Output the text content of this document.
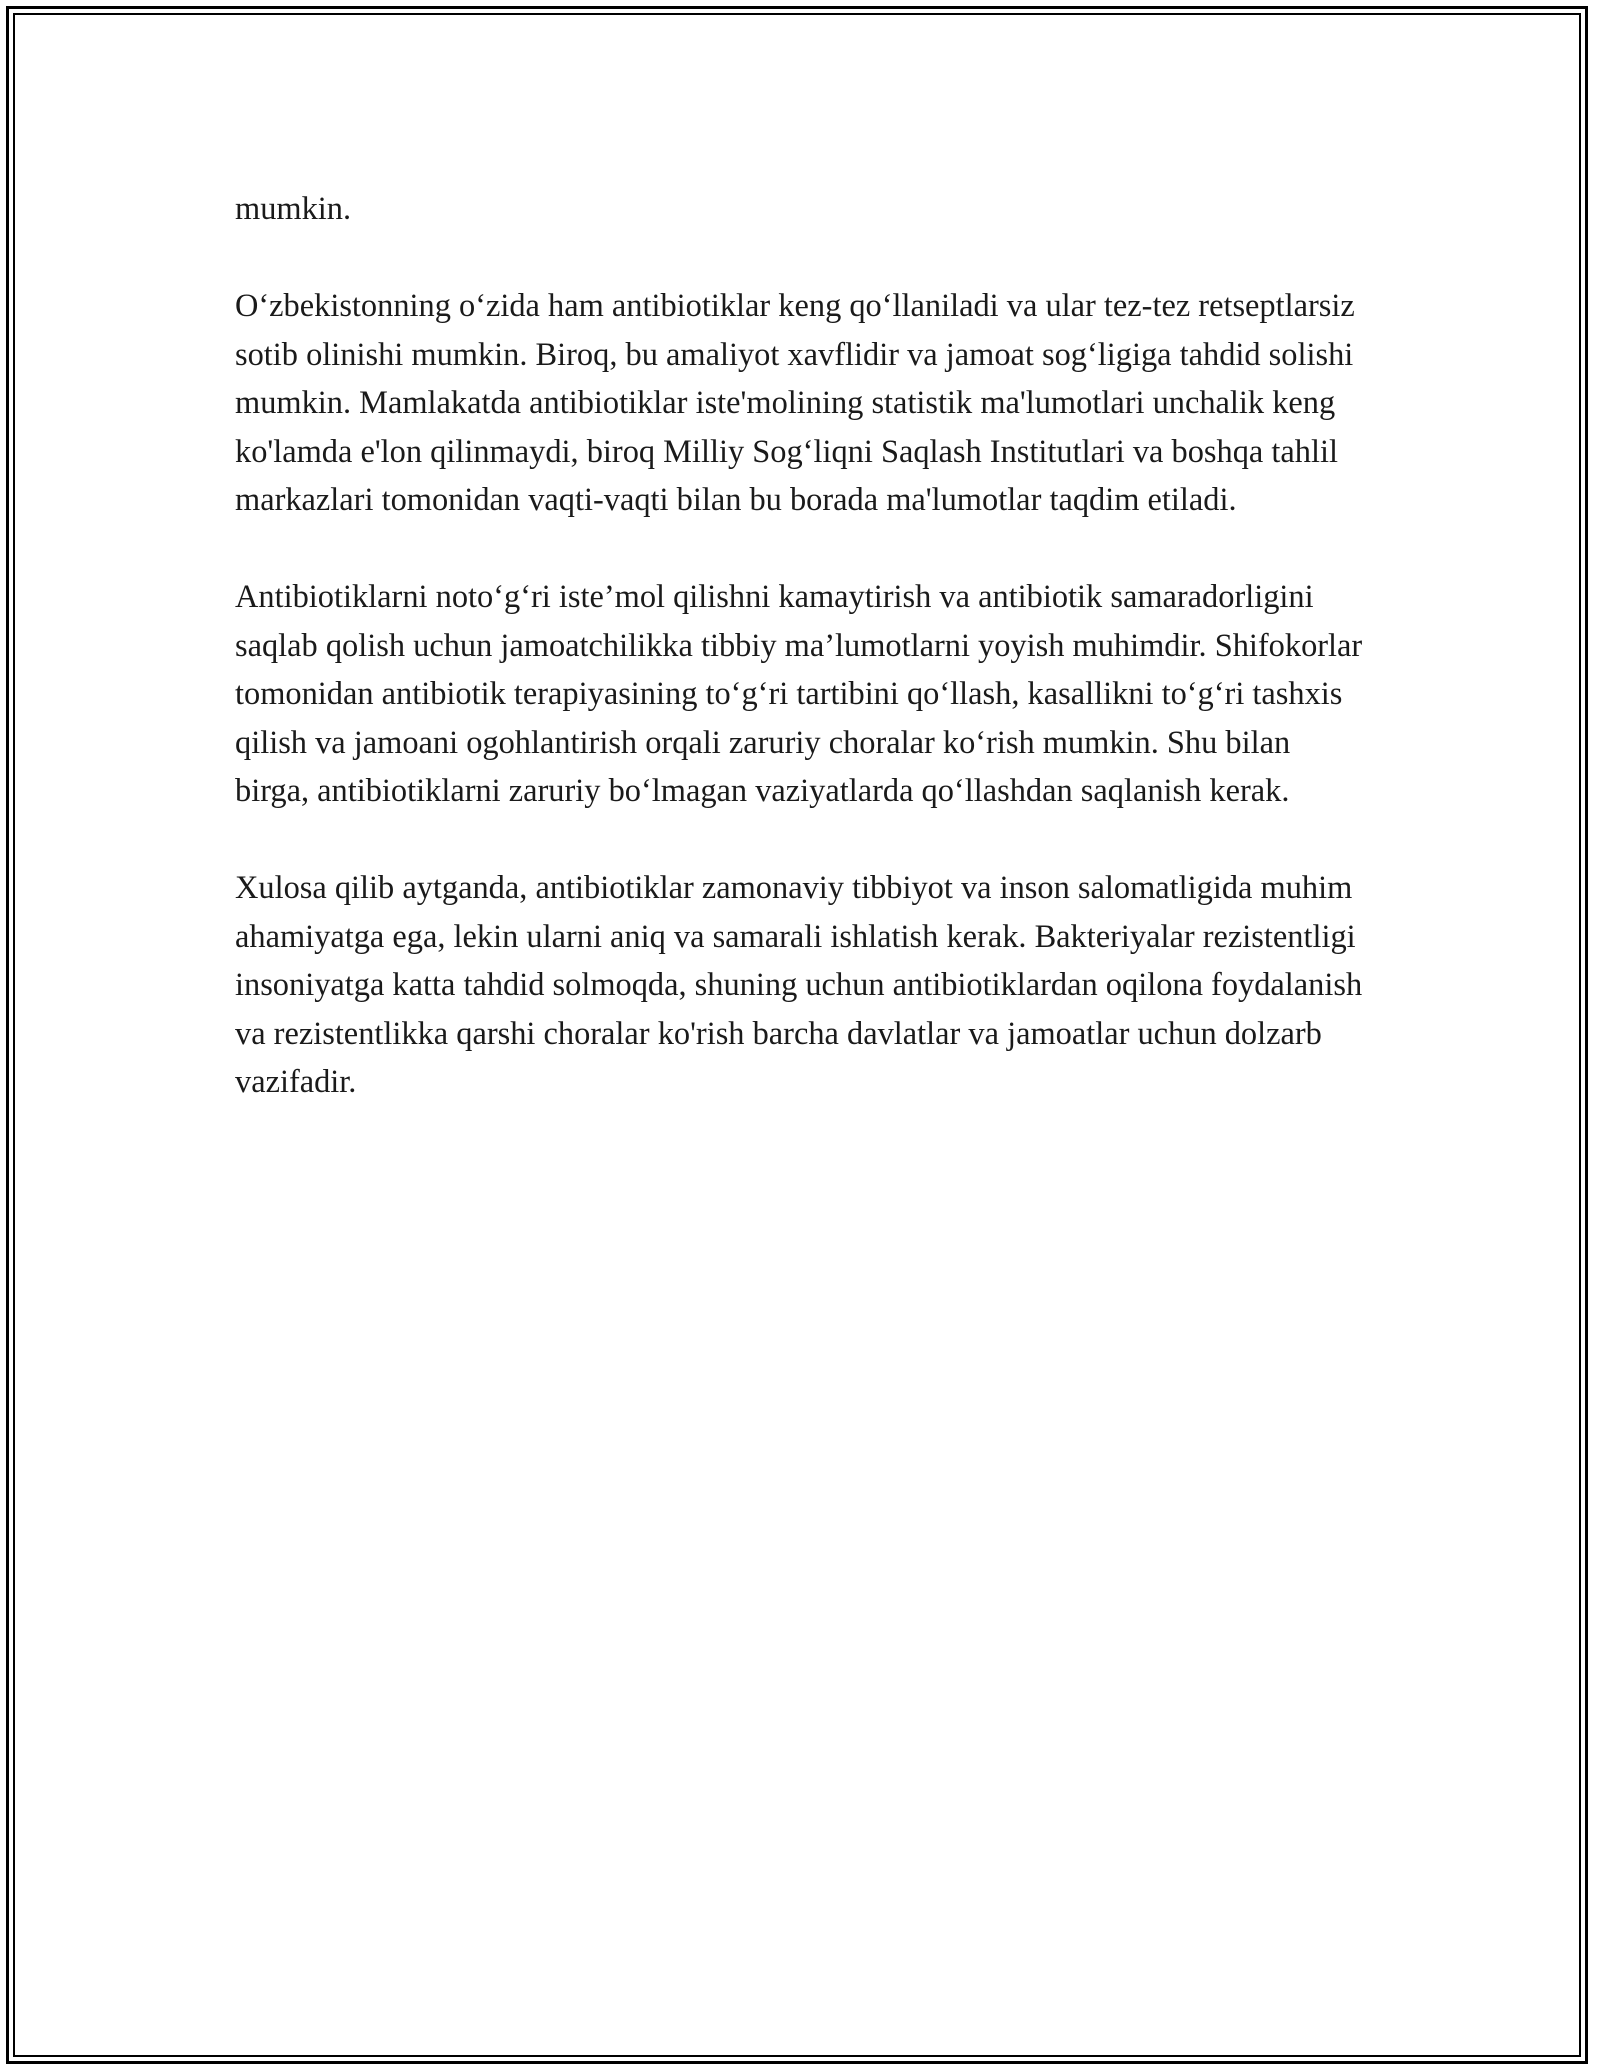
mumkin.

O‘zbekistonning o‘zida ham antibiotiklar keng qo‘llaniladi va ular tez-tez retseptlarsiz sotib olinishi mumkin. Biroq, bu amaliyot xavflidir va jamoat sog‘ligiga tahdid solishi mumkin. Mamlakatda antibiotiklar iste'molining statistik ma'lumotlari unchalik keng ko'lamda e'lon qilinmaydi, biroq Milliy Sog‘liqni Saqlash Institutlari va boshqa tahlil markazlari tomonidan vaqti-vaqti bilan bu borada ma'lumotlar taqdim etiladi.

Antibiotiklarni noto‘g‘ri iste’mol qilishni kamaytirish va antibiotik samaradorligini saqlab qolish uchun jamoatchilikka tibbiy ma’lumotlarni yoyish muhimdir. Shifokorlar tomonidan antibiotik terapiyasining to‘g‘ri tartibini qo‘llash, kasallikni to‘g‘ri tashxis qilish va jamoani ogohlantirish orqali zaruriy choralar ko‘rish mumkin. Shu bilan birga, antibiotiklarni zaruriy bo‘lmagan vaziyatlarda qo‘llashdan saqlanish kerak.

Xulosa qilib aytganda, antibiotiklar zamonaviy tibbiyot va inson salomatligida muhim ahamiyatga ega, lekin ularni aniq va samarali ishlatish kerak. Bakteriyalar rezistentligi insoniyatga katta tahdid solmoqda, shuning uchun antibiotiklardan oqilona foydalanish va rezistentlikka qarshi choralar ko'rish barcha davlatlar va jamoatlar uchun dolzarb vazifadir.
